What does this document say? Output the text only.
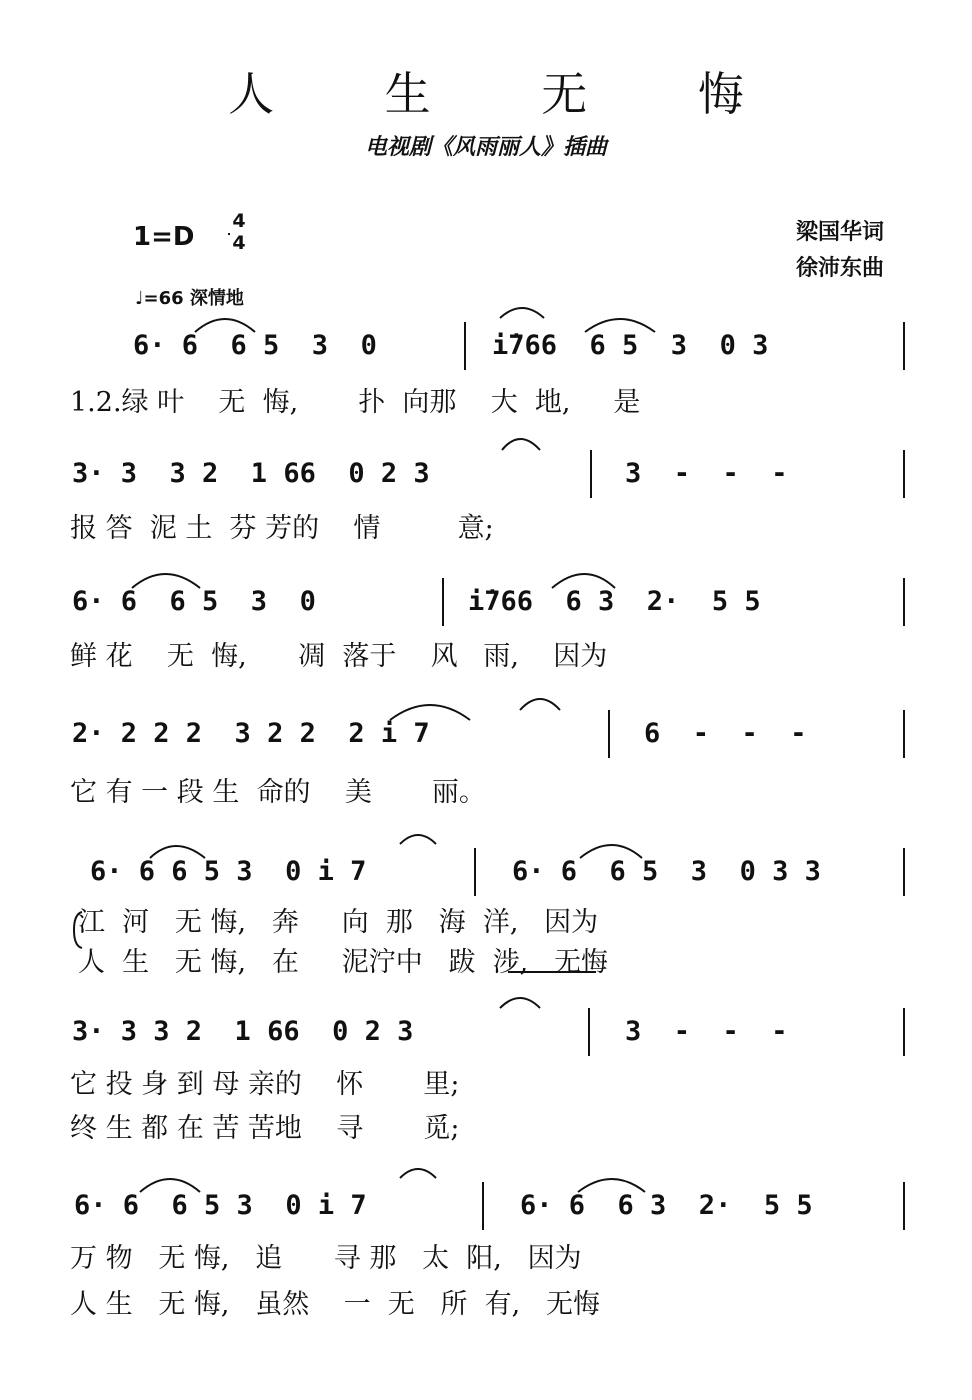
人 生 无 悔
电视剧《风雨丽人》插曲
1=D
4
4
♩=66 深情地
梁国华词
徐沛东曲
6· 6  6 5  3  0	i̇766  6 5  3  0 3
1.2.绿 叶    无  悔,       扑  向那    大  地,     是
3· 3  3 2  1 66  0 2 3	3  -  -  -
报 答  泥 土  芬 芳的    情         意;
6· 6  6 5  3  0	i̇766  6 3  2·  5 5
鲜 花    无  悔,      凋  落于    风   雨,    因为
2· 2 2 2  3 2 2  2 i 7	6  -  -  -
它 有 一 段 生  命的    美       丽。
6· 6 6 5 3  0 i 7	6· 6  6 5  3  0 3 3
江  河   无 悔,   奔     向  那   海  洋,   因为
人  生   无 悔,   在     泥泞中   跋  涉,   无悔
3· 3 3 2  1 66  0 2 3	3  -  -  -
它 投 身 到 母 亲的    怀       里;
终 生 都 在 苦 苦地    寻       觅;
6· 6  6 5 3  0 i 7	6· 6  6 3  2·  5 5
万 物   无 悔,   追      寻 那   太  阳,   因为
人 生   无 悔,   虽然    一  无   所  有,   无悔
